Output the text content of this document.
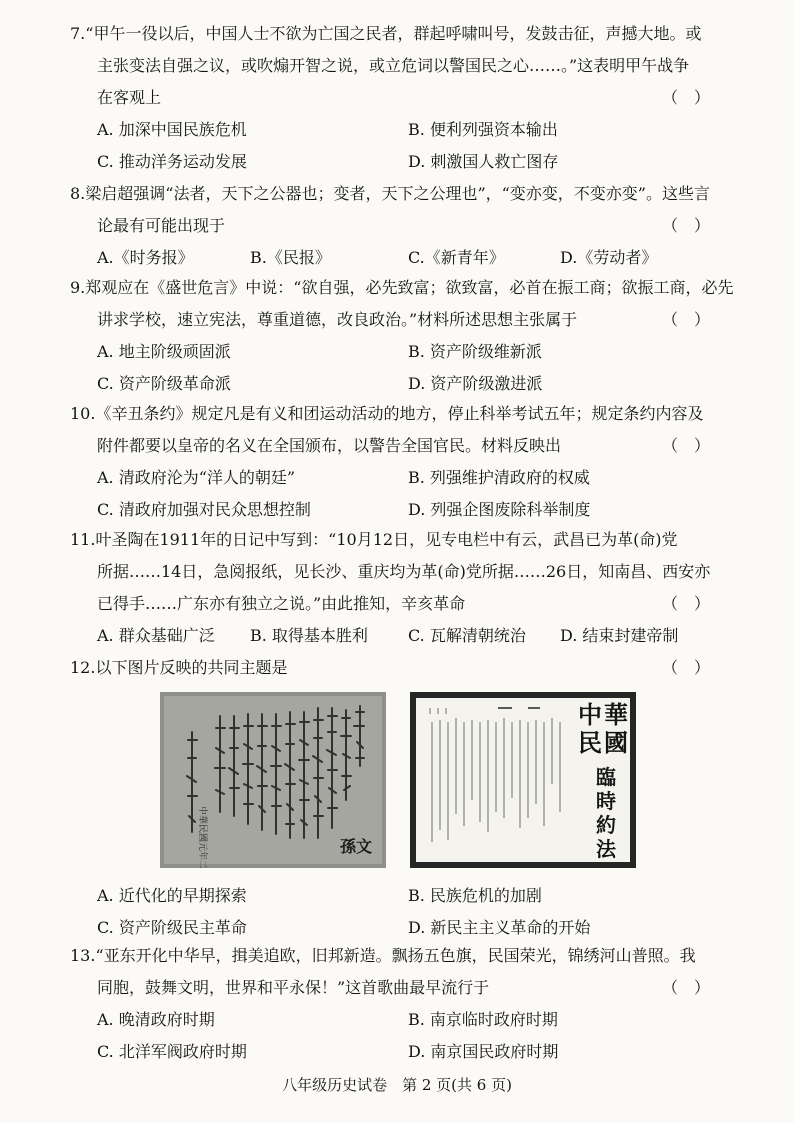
7.“甲午一役以后，中国人士不欲为亡国之民者，群起呼啸叫号，发鼓击征，声撼大地。或
主张变法自强之议，或吹煽开智之说，或立危词以警国民之心……。”这表明甲午战争
在客观上	（　）
A. 加深中国民族危机	B. 便利列强资本输出
C. 推动洋务运动发展	D. 刺激国人救亡图存
8.梁启超强调“法者，天下之公器也；变者，天下之公理也”，“变亦变，不变亦变”。这些言
论最有可能出现于	（　）
A.《时务报》	B.《民报》	C.《新青年》	D.《劳动者》
9.郑观应在《盛世危言》中说：“欲自强，必先致富；欲致富，必首在振工商；欲振工商，必先
讲求学校，速立宪法，尊重道德，改良政治。”材料所述思想主张属于	（　）
A. 地主阶级顽固派	B. 资产阶级维新派
C. 资产阶级革命派	D. 资产阶级激进派
10.《辛丑条约》规定凡是有义和团运动活动的地方，停止科举考试五年；规定条约内容及
附件都要以皇帝的名义在全国颁布，以警告全国官民。材料反映出	（　）
A. 清政府沦为“洋人的朝廷”	B. 列强维护清政府的权威
C. 清政府加强对民众思想控制	D. 列强企图废除科举制度
11.叶圣陶在1911年的日记中写到：“10月12日，见专电栏中有云，武昌已为革(命)党
所据……14日，急阅报纸，见长沙、重庆均为革(命)党所据……26日，知南昌、西安亦
已得手……广东亦有独立之说。”由此推知，辛亥革命	（　）
A. 群众基础广泛 B. 取得基本胜利	C. 瓦解清朝统治 D. 结束封建帝制
12.以下图片反映的共同主题是	（　）
孫文
中華民國元年二月
中 華
民 國
臨
時
約
法
A. 近代化的早期探索	B. 民族危机的加剧
C. 资产阶级民主革命	D. 新民主主义革命的开始
13.“亚东开化中华早，揖美追欧，旧邦新造。飘扬五色旗，民国荣光，锦绣河山普照。我
同胞，鼓舞文明，世界和平永保！”这首歌曲最早流行于	（　）
A. 晚清政府时期	B. 南京临时政府时期
C. 北洋军阀政府时期	D. 南京国民政府时期
八年级历史试卷　第 2 页(共 6 页)
